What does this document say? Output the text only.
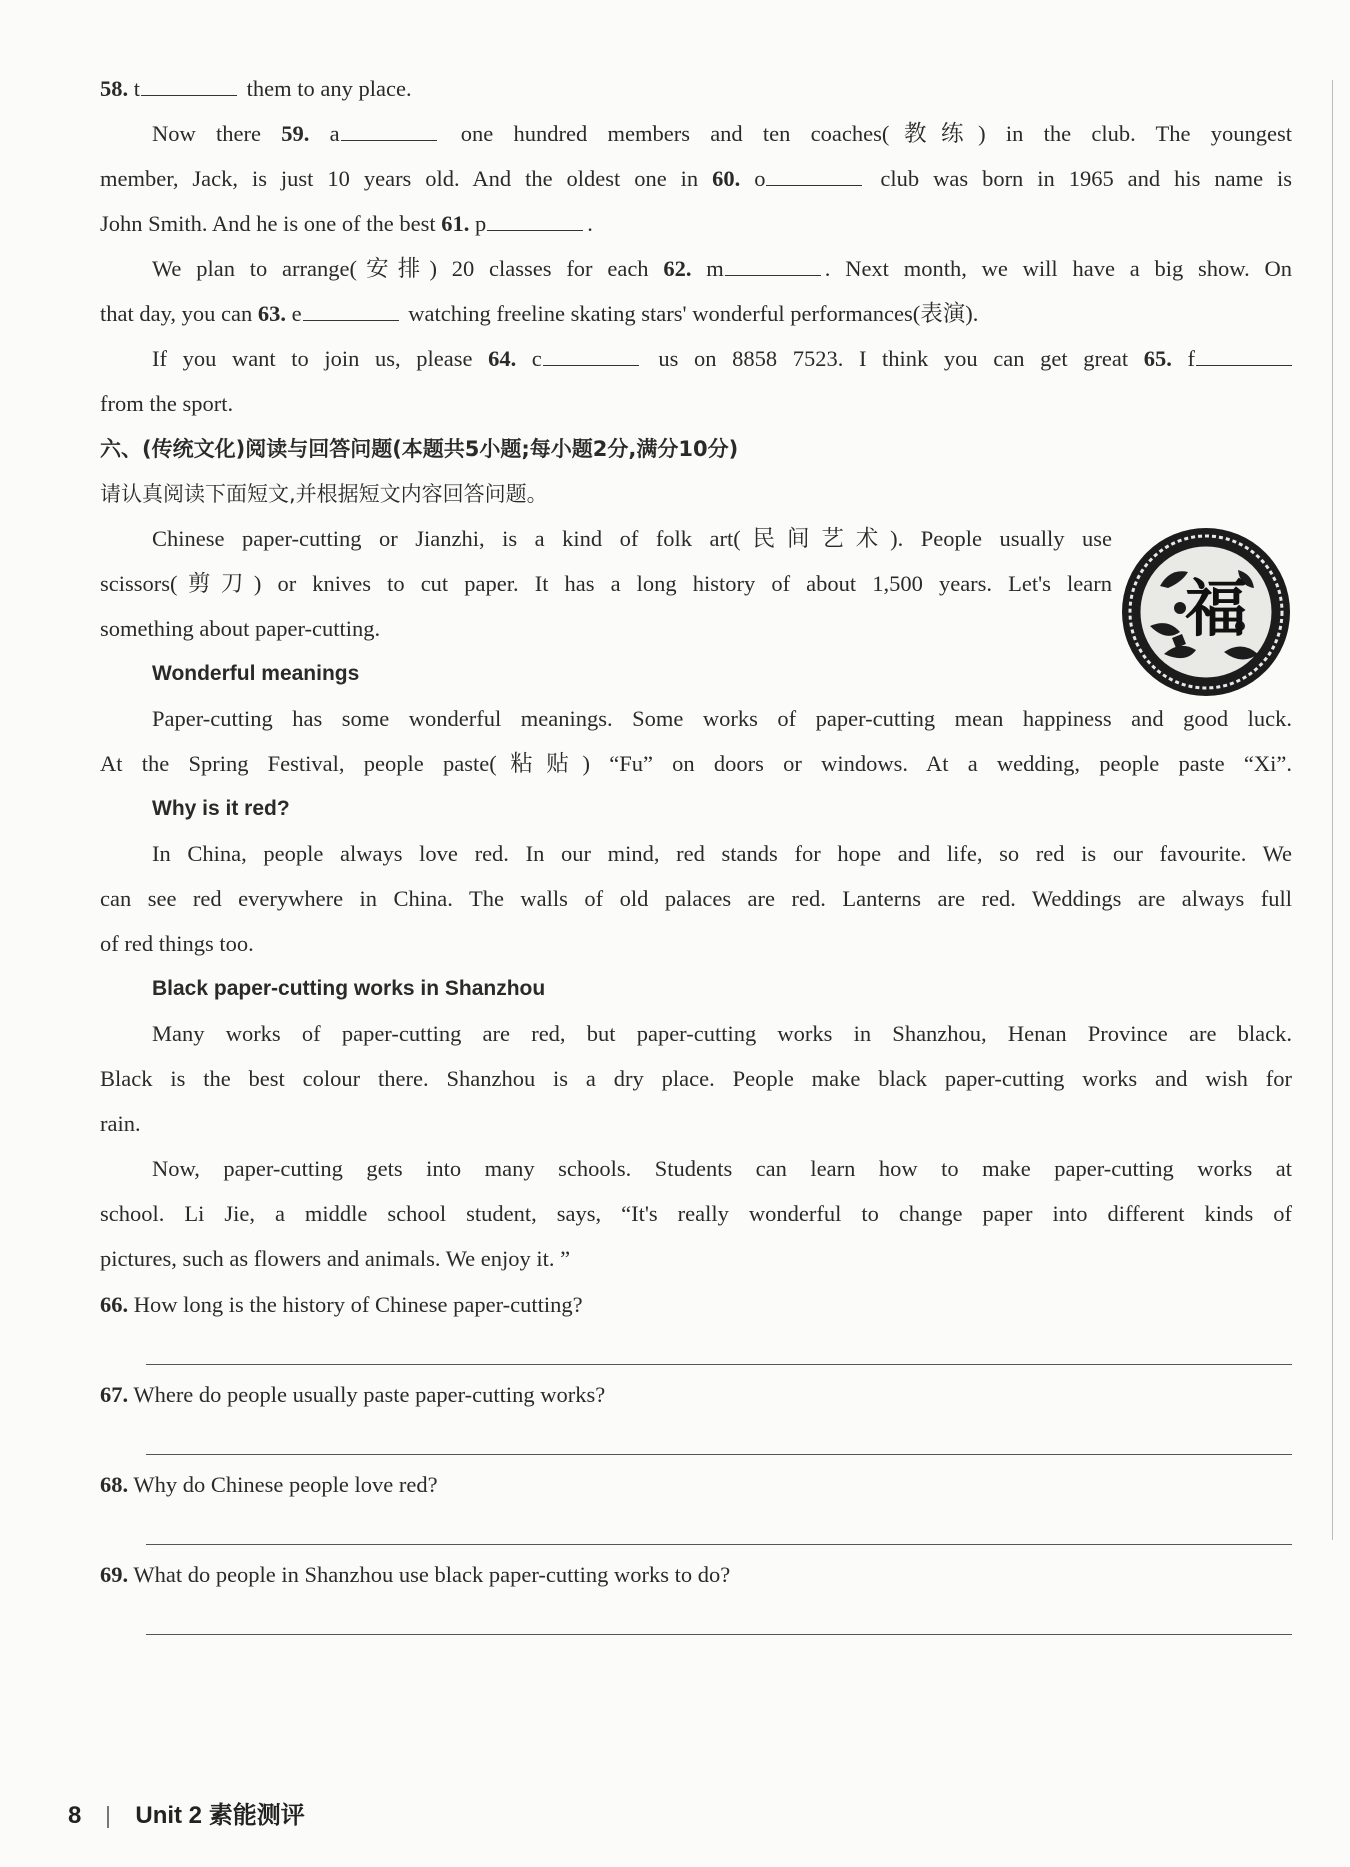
58. t	them to any place.
Now there 59. a	one hundred members and ten coaches(教练) in the club. The youngest
member, Jack, is just 10 years old. And the oldest one in 60. o	club was born in 1965 and his name is
John Smith. And he is one of the best 61. p	.
We plan to arrange(安排) 20 classes for each 62. m	. Next month, we will have a big show. On
that day, you can 63. e	watching freeline skating stars' wonderful performances(表演).
If you want to join us, please 64. c	us on 8858 7523. I think you can get great 65. f
from the sport.
六、(传统文化)阅读与回答问题(本题共5小题;每小题2分,满分10分)
请认真阅读下面短文,并根据短文内容回答问题。
Chinese paper-cutting or Jianzhi, is a kind of folk art(民间艺术). People usually use
scissors(剪刀) or knives to cut paper. It has a long history of about 1,500 years. Let's learn
something about paper-cutting.	福
Wonderful meanings
Paper-cutting has some wonderful meanings. Some works of paper-cutting mean happiness and good luck.
At the Spring Festival, people paste(粘贴) “Fu” on doors or windows. At a wedding, people paste “Xi”.
Why is it red?
In China, people always love red. In our mind, red stands for hope and life, so red is our favourite. We
can see red everywhere in China. The walls of old palaces are red. Lanterns are red. Weddings are always full
of red things too.
Black paper-cutting works in Shanzhou
Many works of paper-cutting are red, but paper-cutting works in Shanzhou, Henan Province are black.
Black is the best colour there. Shanzhou is a dry place. People make black paper-cutting works and wish for
rain.
Now, paper-cutting gets into many schools. Students can learn how to make paper-cutting works at
school. Li Jie, a middle school student, says, “It's really wonderful to change paper into different kinds of
pictures, such as flowers and animals. We enjoy it. ”
66. How long is the history of Chinese paper-cutting?
67. Where do people usually paste paper-cutting works?
68. Why do Chinese people love red?
69. What do people in Shanzhou use black paper-cutting works to do?
8 Unit 2 素能测评
